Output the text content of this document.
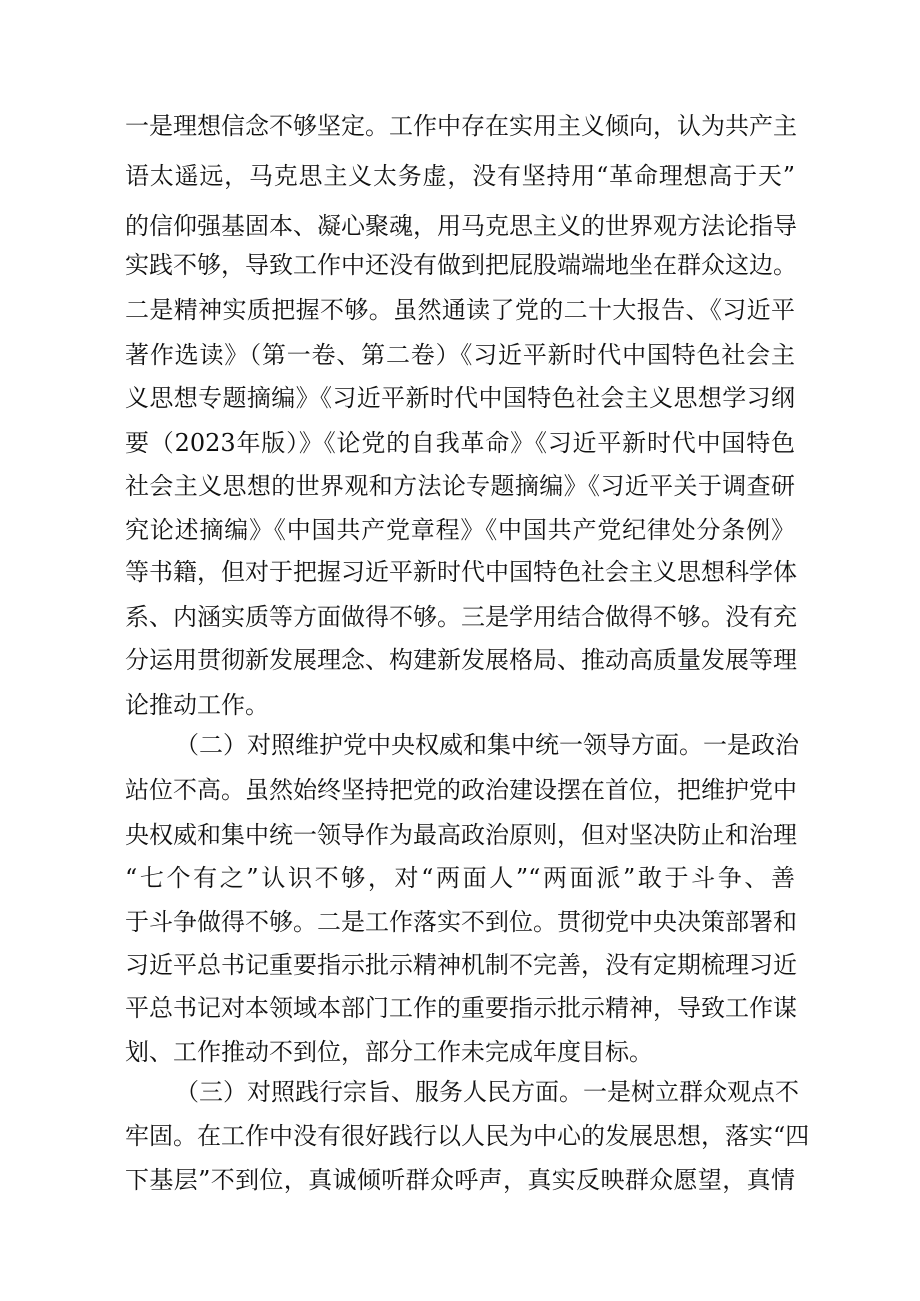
一是理想信念不够坚定。工作中存在实用主义倾向，认为共产主
语太遥远，马克思主义太务虚，没有坚持用“革命理想高于天”
的信仰强基固本、凝心聚魂，用马克思主义的世界观方法论指导
实践不够，导致工作中还没有做到把屁股端端地坐在群众这边。
二是精神实质把握不够。虽然通读了党的二十大报告、《习近平
著作选读》（第一卷、第二卷）《习近平新时代中国特色社会主
义思想专题摘编》《习近平新时代中国特色社会主义思想学习纲
要（2023年版）》《论党的自我革命》《习近平新时代中国特色
社会主义思想的世界观和方法论专题摘编》《习近平关于调查研
究论述摘编》《中国共产党章程》《中国共产党纪律处分条例》
等书籍，但对于把握习近平新时代中国特色社会主义思想科学体
系、内涵实质等方面做得不够。三是学用结合做得不够。没有充
分运用贯彻新发展理念、构建新发展格局、推动高质量发展等理
论推动工作。
（二）对照维护党中央权威和集中统一领导方面。一是政治
站位不高。虽然始终坚持把党的政治建设摆在首位，把维护党中
央权威和集中统一领导作为最高政治原则，但对坚决防止和治理
“七个有之”认识不够，对“两面人”“两面派”敢于斗争、善
于斗争做得不够。二是工作落实不到位。贯彻党中央决策部署和
习近平总书记重要指示批示精神机制不完善，没有定期梳理习近
平总书记对本领域本部门工作的重要指示批示精神，导致工作谋
划、工作推动不到位，部分工作未完成年度目标。
（三）对照践行宗旨、服务人民方面。一是树立群众观点不
牢固。在工作中没有很好践行以人民为中心的发展思想，落实“四
下基层”不到位，真诚倾听群众呼声，真实反映群众愿望，真情
